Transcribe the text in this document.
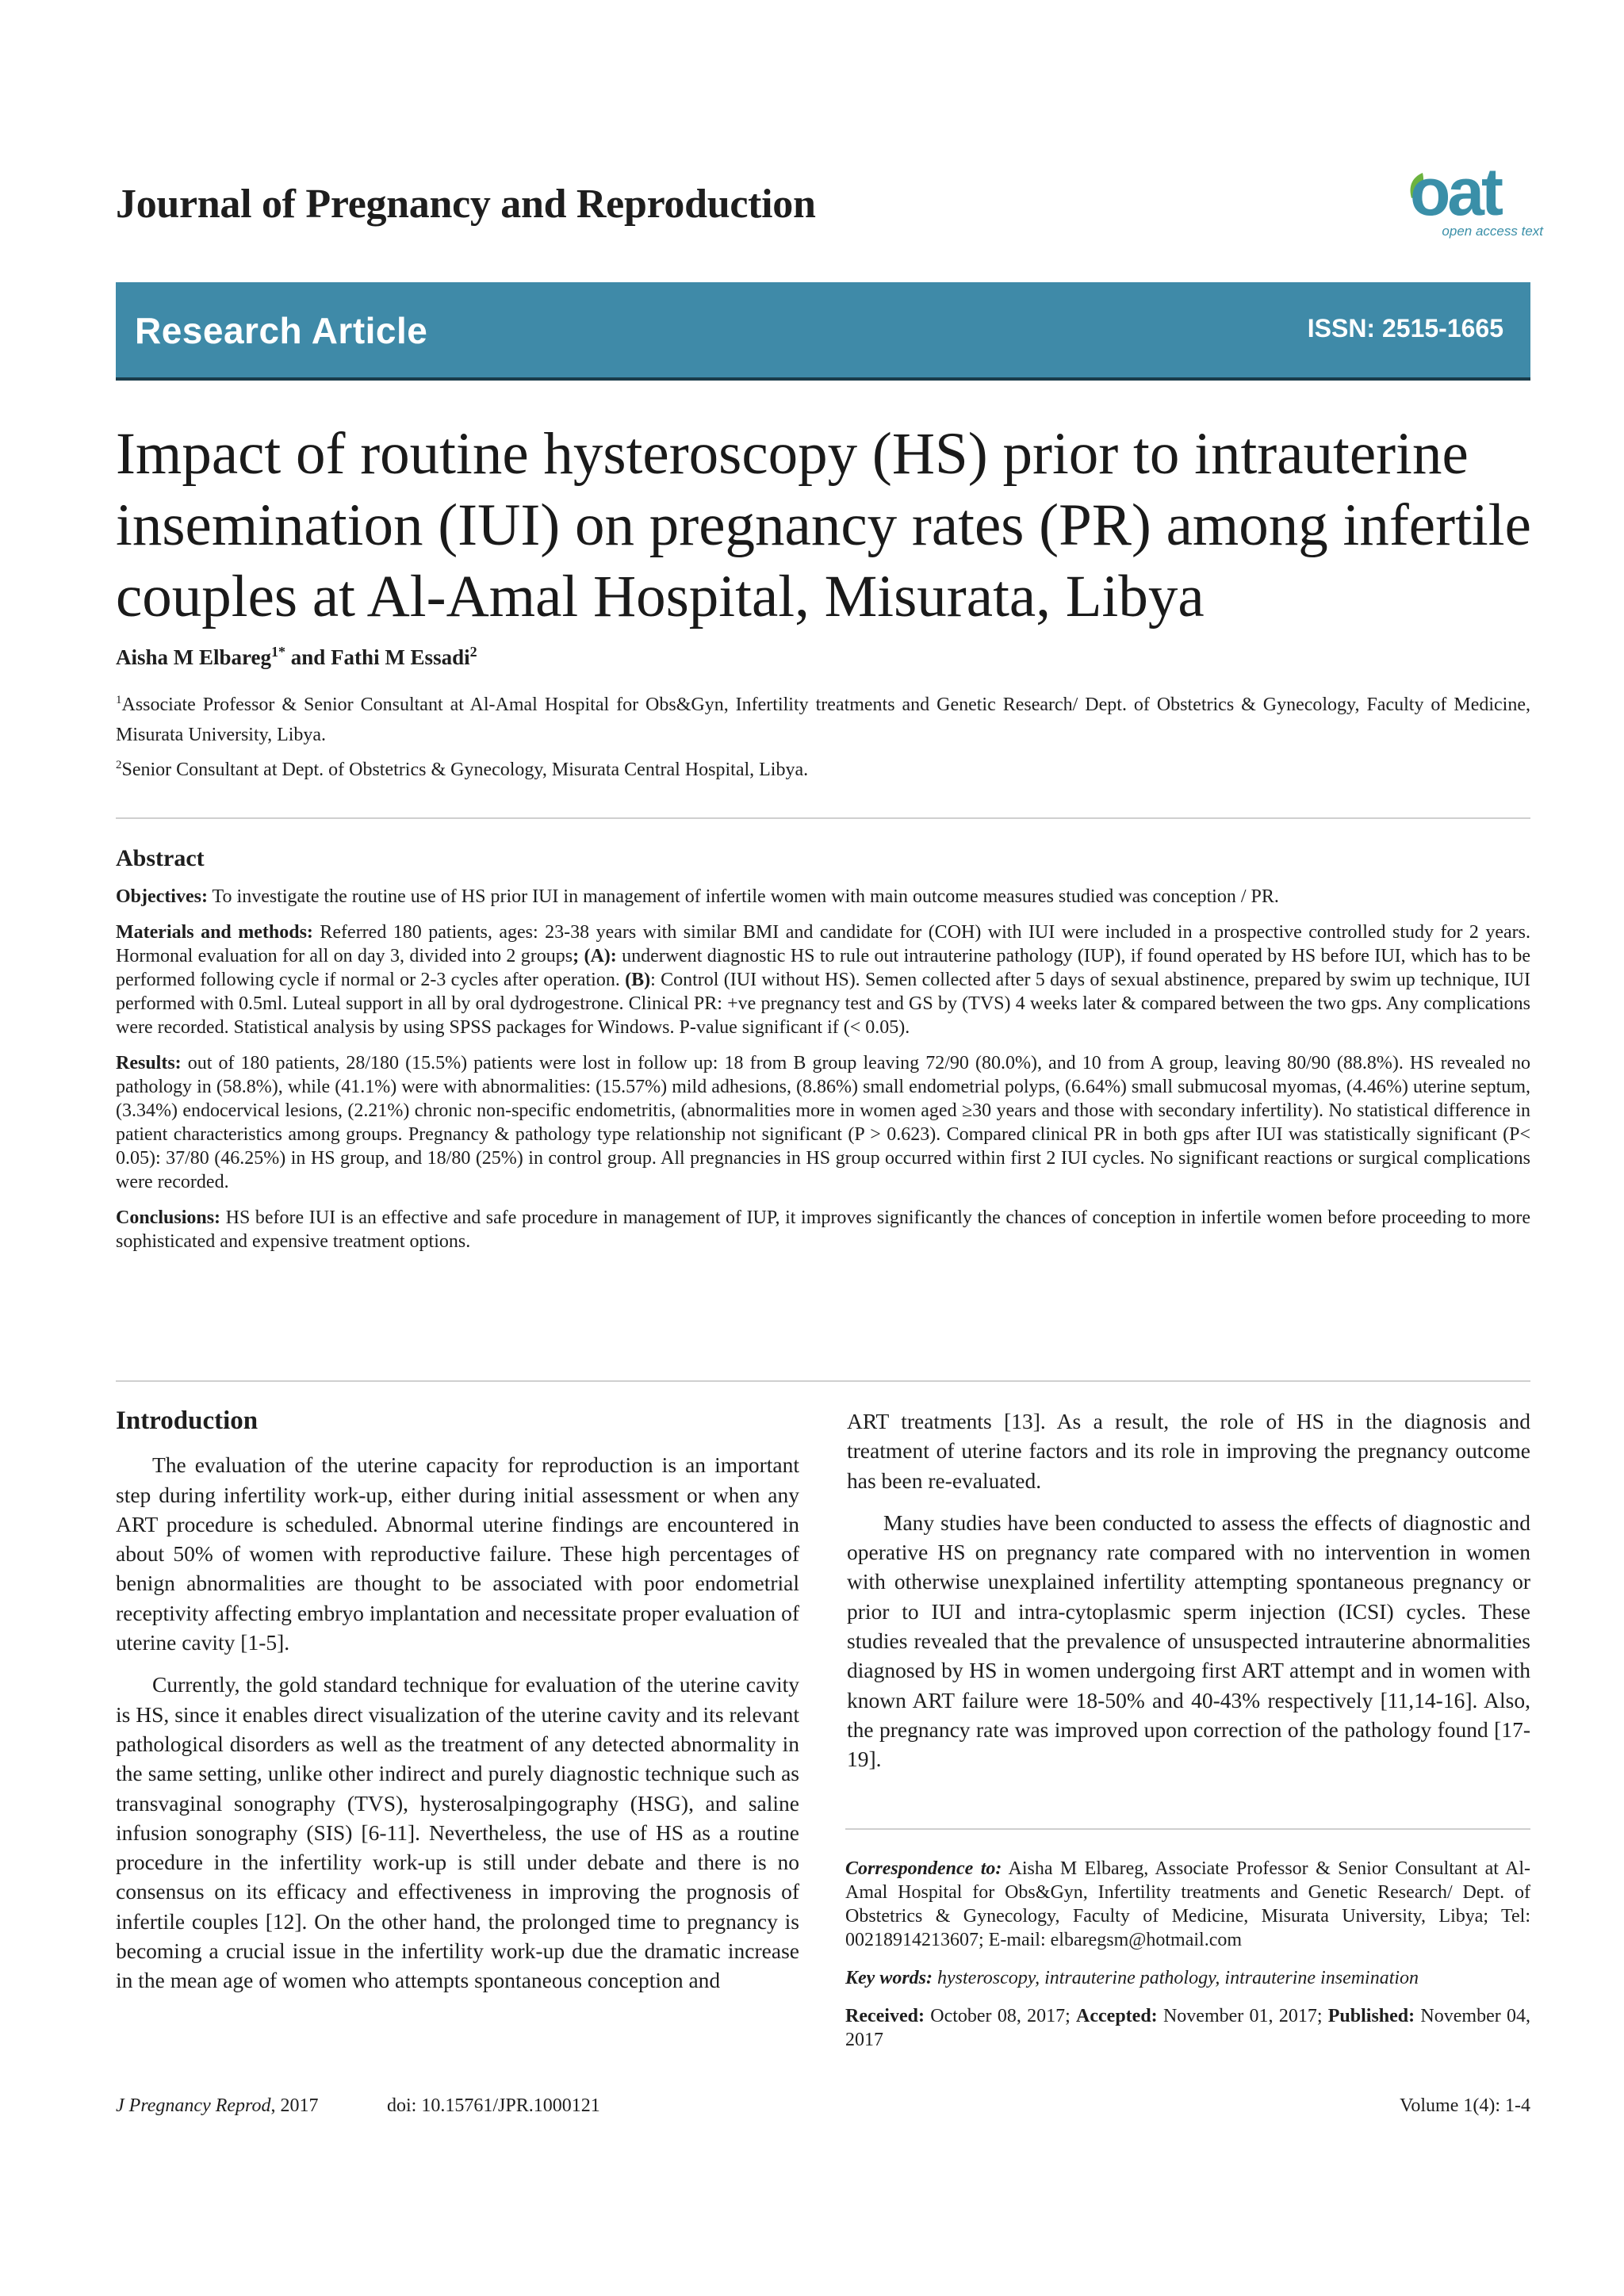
Journal of Pregnancy and Reproduction	oat
open access text
Research Article	ISSN: 2515-1665
Impact of routine hysteroscopy (HS) prior to intrauterine insemination (IUI) on pregnancy rates (PR) among infertile couples at Al-Amal Hospital, Misurata, Libya
Aisha M Elbareg$^{1*}$ and Fathi M Essadi$^2$

$^1$Associate Professor & Senior Consultant at Al-Amal Hospital for Obs&Gyn, Infertility treatments and Genetic Research/ Dept. of Obstetrics & Gynecology, Faculty of Medicine, Misurata University, Libya.

$^2$Senior Consultant at Dept. of Obstetrics & Gynecology, Misurata Central Hospital, Libya.

Abstract

Objectives: To investigate the routine use of HS prior IUI in management of infertile women with main outcome measures studied was conception / PR.

Materials and methods: Referred 180 patients, ages: 23-38 years with similar BMI and candidate for (COH) with IUI were included in a prospective controlled study for 2 years. Hormonal evaluation for all on day 3, divided into 2 groups; (A): underwent diagnostic HS to rule out intrauterine pathology (IUP), if found operated by HS before IUI, which has to be performed following cycle if normal or 2-3 cycles after operation. (B): Control (IUI without HS). Semen collected after 5 days of sexual abstinence, prepared by swim up technique, IUI performed with 0.5ml. Luteal support in all by oral dydrogestrone. Clinical PR: +ve pregnancy test and GS by (TVS) 4 weeks later & compared between the two gps. Any complications were recorded. Statistical analysis by using SPSS packages for Windows. P-value significant if (< 0.05).

Results: out of 180 patients, 28/180 (15.5%) patients were lost in follow up: 18 from B group leaving 72/90 (80.0%), and 10 from A group, leaving 80/90 (88.8%). HS revealed no pathology in (58.8%), while (41.1%) were with abnormalities: (15.57%) mild adhesions, (8.86%) small endometrial polyps, (6.64%) small submucosal myomas, (4.46%) uterine septum, (3.34%) endocervical lesions, (2.21%) chronic non-specific endometritis, (abnormalities more in women aged ≥30 years and those with secondary infertility). No statistical difference in patient characteristics among groups. Pregnancy & pathology type relationship not significant (P > 0.623). Compared clinical PR in both gps after IUI was statistically significant (P< 0.05): 37/80 (46.25%) in HS group, and 18/80 (25%) in control group. All pregnancies in HS group occurred within first 2 IUI cycles. No significant reactions or surgical complications were recorded.

Conclusions: HS before IUI is an effective and safe procedure in management of IUP, it improves significantly the chances of conception in infertile women before proceeding to more sophisticated and expensive treatment options.

Introduction

The evaluation of the uterine capacity for reproduction is an important step during infertility work-up, either during initial assessment or when any ART procedure is scheduled. Abnormal uterine findings are encountered in about 50% of women with reproductive failure. These high percentages of benign abnormalities are thought to be associated with poor endometrial receptivity affecting embryo implantation and necessitate proper evaluation of uterine cavity [1-5].

Currently, the gold standard technique for evaluation of the uterine cavity is HS, since it enables direct visualization of the uterine cavity and its relevant pathological disorders as well as the treatment of any detected abnormality in the same setting, unlike other indirect and purely diagnostic technique such as transvaginal sonography (TVS), hysterosalpingography (HSG), and saline infusion sonography (SIS) [6-11]. Nevertheless, the use of HS as a routine procedure in the infertility work-up is still under debate and there is no consensus on its efficacy and effectiveness in improving the prognosis of infertile couples [12]. On the other hand, the prolonged time to pregnancy is becoming a crucial issue in the infertility work-up due the dramatic increase in the mean age of women who attempts spontaneous conception and

ART treatments [13]. As a result, the role of HS in the diagnosis and treatment of uterine factors and its role in improving the pregnancy outcome has been re-evaluated.

Many studies have been conducted to assess the effects of diagnostic and operative HS on pregnancy rate compared with no intervention in women with otherwise unexplained infertility attempting spontaneous pregnancy or prior to IUI and intra-cytoplasmic sperm injection (ICSI) cycles. These studies revealed that the prevalence of unsuspected intrauterine abnormalities diagnosed by HS in women undergoing first ART attempt and in women with known ART failure were 18-50% and 40-43% respectively [11,14-16]. Also, the pregnancy rate was improved upon correction of the pathology found [17-19].

Correspondence to: Aisha M Elbareg, Associate Professor & Senior Consultant at Al-Amal Hospital for Obs&Gyn, Infertility treatments and Genetic Research/ Dept. of Obstetrics & Gynecology, Faculty of Medicine, Misurata University, Libya; Tel: 00218914213607; E-mail: elbaregsm@hotmail.com

Key words: hysteroscopy, intrauterine pathology, intrauterine insemination

Received: October 08, 2017; Accepted: November 01, 2017; Published: November 04, 2017

J Pregnancy Reprod, 2017	doi: 10.15761/JPR.1000121	Volume 1(4): 1-4
